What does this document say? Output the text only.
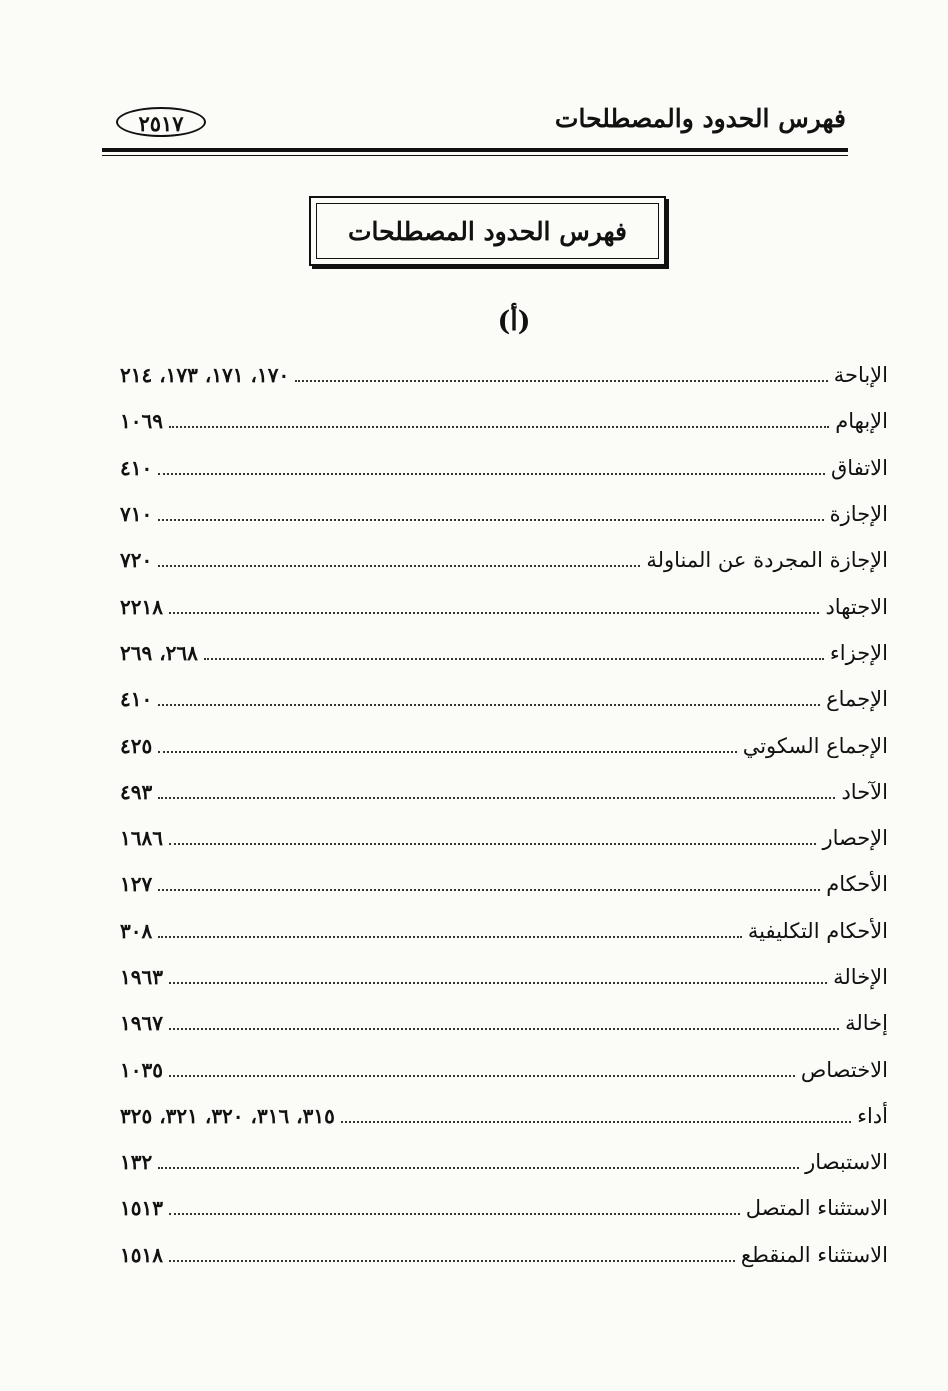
فهرس الحدود والمصطلحات
٢٥١٧
فهرس الحدود المصطلحات
(أ)
الإباحة
١٧٠، ١٧١، ١٧٣، ٢١٤
الإبهام
١٠٦٩
الاتفاق
٤١٠
الإجازة
٧١٠
الإجازة المجردة عن المناولة
٧٢٠
الاجتهاد
٢٢١٨
الإجزاء
٢٦٨، ٢٦٩
الإجماع
٤١٠
الإجماع السكوتي
٤٢٥
الآحاد
٤٩٣
الإحصار
١٦٨٦
الأحكام
١٢٧
الأحكام التكليفية
٣٠٨
الإخالة
١٩٦٣
إخالة
١٩٦٧
الاختصاص
١٠٣٥
أداء
٣١٥، ٣١٦، ٣٢٠، ٣٢١، ٣٢٥
الاستبصار
١٣٢
الاستثناء المتصل
١٥١٣
الاستثناء المنقطع
١٥١٨
